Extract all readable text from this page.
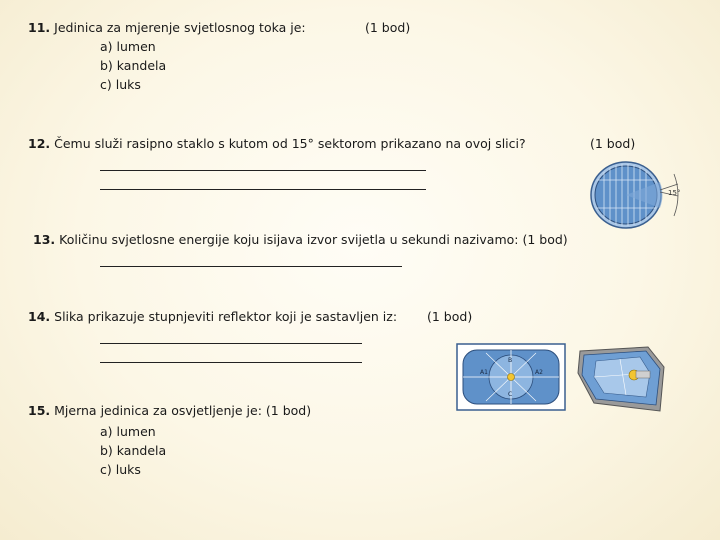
11. Jedinica za mjerenje svjetlosnog toka je:	(1 bod)
a) lumen
b) kandela
c) luks
12. Čemu služi rasipno staklo s kutom od 15° sektorom prikazano na ovoj slici?	(1 bod)
15°
13. Količinu svjetlosne energije koju isijava izvor svijetla u sekundi nazivamo: (1 bod)
14. Slika prikazuje stupnjeviti reflektor koji je sastavljen iz: (1 bod)
B
A1	A2
C
15. Mjerna jedinica za osvjetljenje je: (1 bod)
a) lumen
b) kandela
c) luks
